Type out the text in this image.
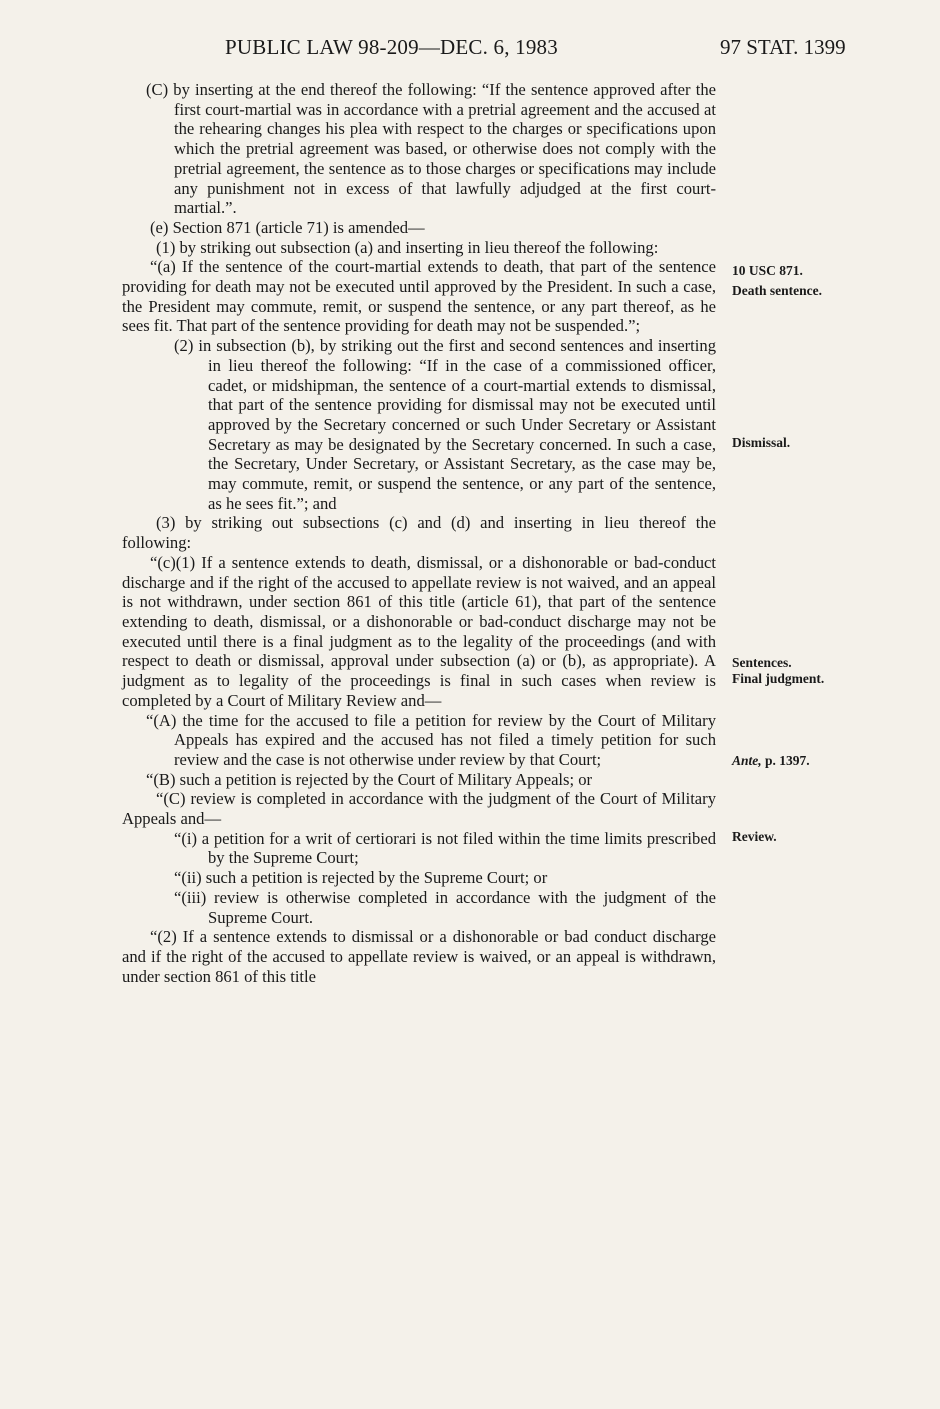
PUBLIC LAW 98-209—DEC. 6, 1983	97 STAT. 1399

(C) by inserting at the end thereof the following: “If the sentence approved after the first court-martial was in accordance with a pretrial agreement and the accused at the rehearing changes his plea with respect to the charges or specifications upon which the pretrial agreement was based, or otherwise does not comply with the pretrial agreement, the sentence as to those charges or specifications may include any punishment not in excess of that lawfully adjudged at the first court-martial.”.

(e) Section 871 (article 71) is amended—

(1) by striking out subsection (a) and inserting in lieu thereof the following:

“(a) If the sentence of the court-martial extends to death, that part of the sentence providing for death may not be executed until approved by the President. In such a case, the President may commute, remit, or suspend the sentence, or any part thereof, as he sees fit. That part of the sentence providing for death may not be suspended.”;

(2) in subsection (b), by striking out the first and second sentences and inserting in lieu thereof the following: “If in the case of a commissioned officer, cadet, or midshipman, the sentence of a court-martial extends to dismissal, that part of the sentence providing for dismissal may not be executed until approved by the Secretary concerned or such Under Secretary or Assistant Secretary as may be designated by the Secretary concerned. In such a case, the Secretary, Under Secretary, or Assistant Secretary, as the case may be, may commute, remit, or suspend the sentence, or any part of the sentence, as he sees fit.”; and

(3) by striking out subsections (c) and (d) and inserting in lieu thereof the following:

“(c)(1) If a sentence extends to death, dismissal, or a dishonorable or bad-conduct discharge and if the right of the accused to appellate review is not waived, and an appeal is not withdrawn, under section 861 of this title (article 61), that part of the sentence extending to death, dismissal, or a dishonorable or bad-conduct discharge may not be executed until there is a final judgment as to the legality of the proceedings (and with respect to death or dismissal, approval under subsection (a) or (b), as appropriate). A judgment as to legality of the proceedings is final in such cases when review is completed by a Court of Military Review and—

“(A) the time for the accused to file a petition for review by the Court of Military Appeals has expired and the accused has not filed a timely petition for such review and the case is not otherwise under review by that Court;

“(B) such a petition is rejected by the Court of Military Appeals; or

“(C) review is completed in accordance with the judgment of the Court of Military Appeals and—

“(i) a petition for a writ of certiorari is not filed within the time limits prescribed by the Supreme Court;

“(ii) such a petition is rejected by the Supreme Court; or

“(iii) review is otherwise completed in accordance with the judgment of the Supreme Court.

“(2) If a sentence extends to dismissal or a dishonorable or bad conduct discharge and if the right of the accused to appellate review is waived, or an appeal is withdrawn, under section 861 of this title

10 USC 871.
Death sentence.
Dismissal.
Sentences.
Final judgment.
Ante, p. 1397.
Review.
